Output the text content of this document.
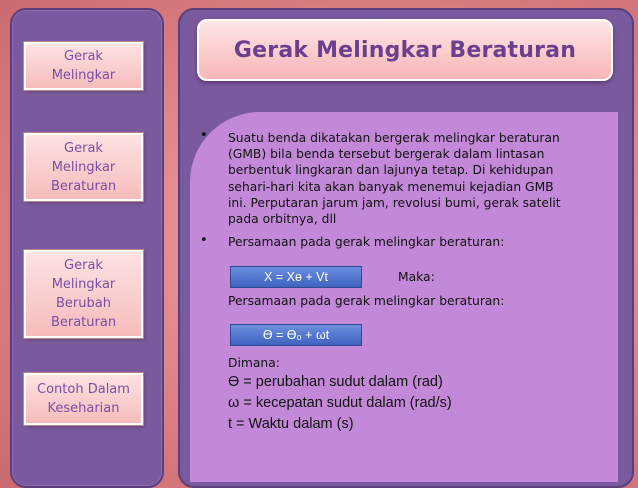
Gerak
Melingkar
Gerak
Melingkar
Beraturan
Gerak
Melingkar
Berubah
Beraturan
Contoh Dalam
Keseharian
Gerak Melingkar Beraturan
• Suatu benda dikatakan bergerak melingkar beraturan
(GMB) bila benda tersebut bergerak dalam lintasan
berbentuk lingkaran dan lajunya tetap. Di kehidupan
sehari-hari kita akan banyak menemui kejadian GMB
ini. Perputaran jarum jam, revolusi bumi, gerak satelit
pada orbitnya, dll
• Persamaan pada gerak melingkar beraturan:
X = Xɵ + Vt	Maka:
Persamaan pada gerak melingkar beraturan:
Ɵ = Ɵ₀ + ωt
Dimana:
Ɵ = perubahan sudut dalam (rad)
ω = kecepatan sudut dalam (rad/s)
t = Waktu dalam (s)
